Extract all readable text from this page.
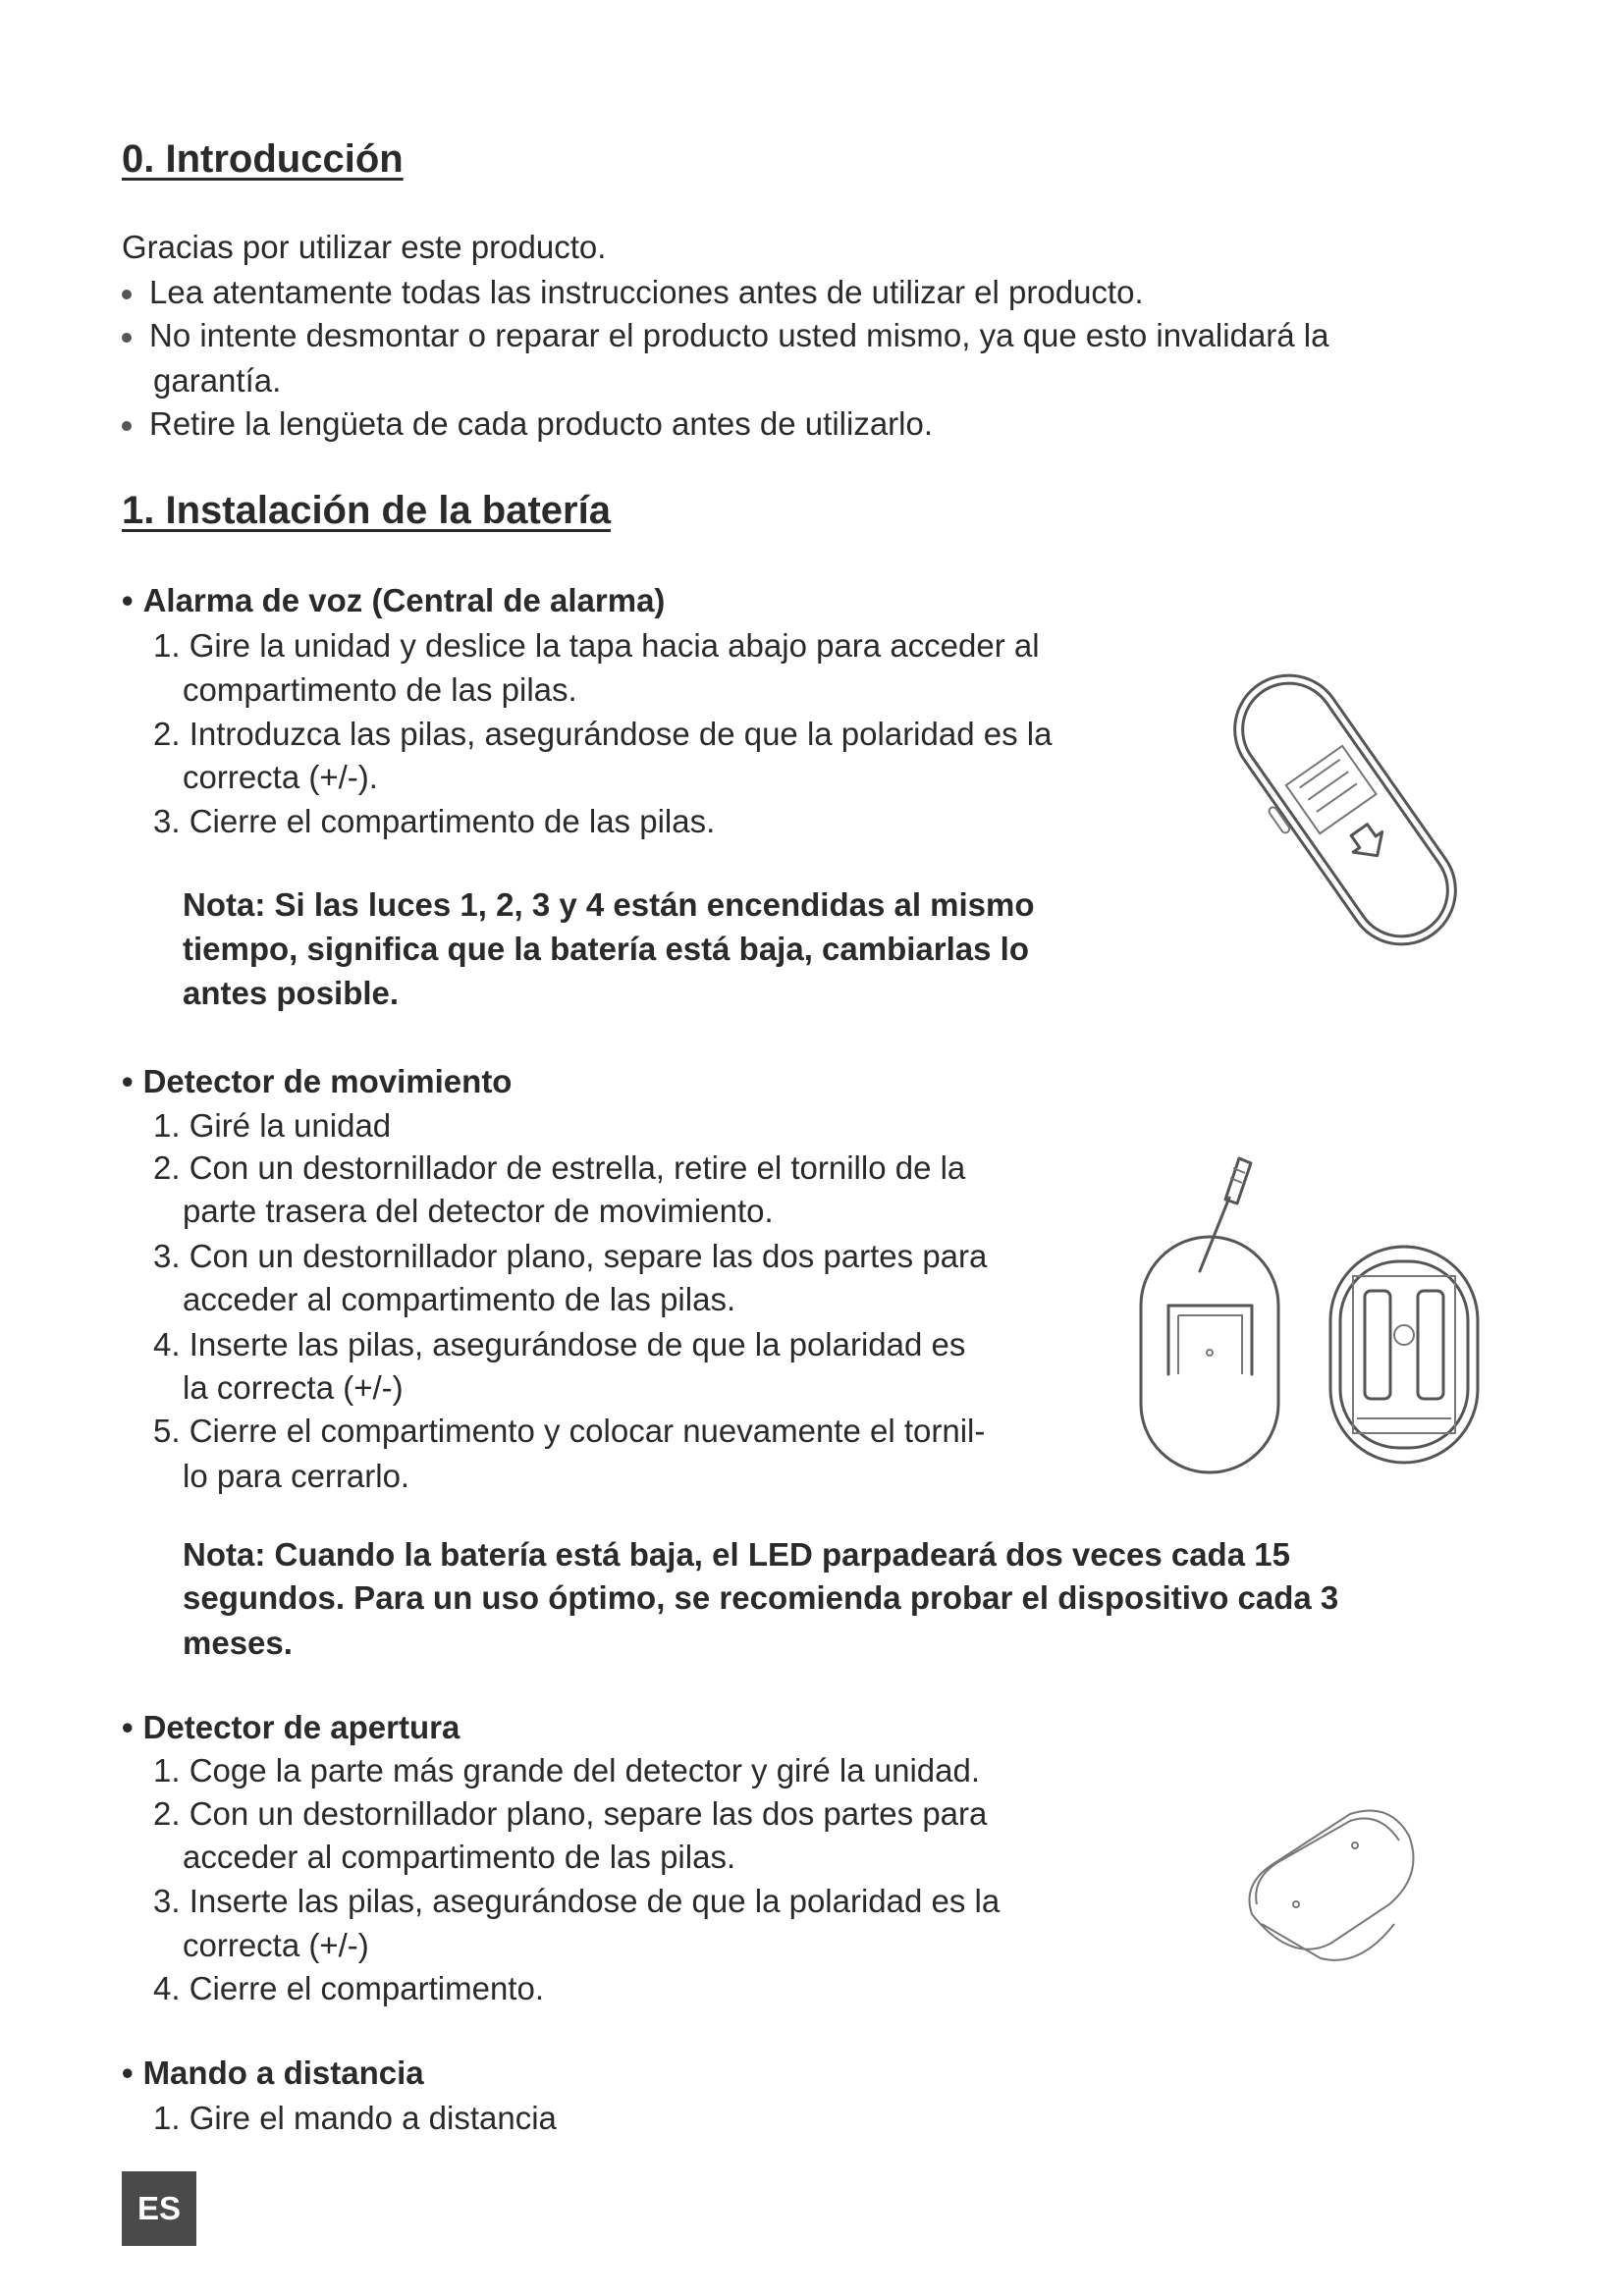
0. Introducción

Gracias por utilizar este producto.

Lea atentamente todas las instrucciones antes de utilizar el producto.

No intente desmontar o reparar el producto usted mismo, ya que esto invalidará la

garantía.

Retire la lengüeta de cada producto antes de utilizarlo.

1. Instalación de la batería

• Alarma de voz (Central de alarma)

1. Gire la unidad y deslice la tapa hacia abajo para acceder al

compartimento de las pilas.

2. Introduzca las pilas, asegurándose de que la polaridad es la

correcta (+/-).

3. Cierre el compartimento de las pilas.

Nota: Si las luces 1, 2, 3 y 4 están encendidas al mismo

tiempo, significa que la batería está baja, cambiarlas lo

antes posible.

• Detector de movimiento

1. Giré la unidad

2. Con un destornillador de estrella, retire el tornillo de la

parte trasera del detector de movimiento.

3. Con un destornillador plano, separe las dos partes para

acceder al compartimento de las pilas.

4. Inserte las pilas, asegurándose de que la polaridad es

la correcta (+/-)

5. Cierre el compartimento y colocar nuevamente el tornil-

lo para cerrarlo.

Nota: Cuando la batería está baja, el LED parpadeará dos veces cada 15

segundos. Para un uso óptimo, se recomienda probar el dispositivo cada 3

meses.

• Detector de apertura

1. Coge la parte más grande del detector y giré la unidad.

2. Con un destornillador plano, separe las dos partes para

acceder al compartimento de las pilas.

3. Inserte las pilas, asegurándose de que la polaridad es la

correcta (+/-)

4. Cierre el compartimento.

• Mando a distancia

1. Gire el mando a distancia

ES
